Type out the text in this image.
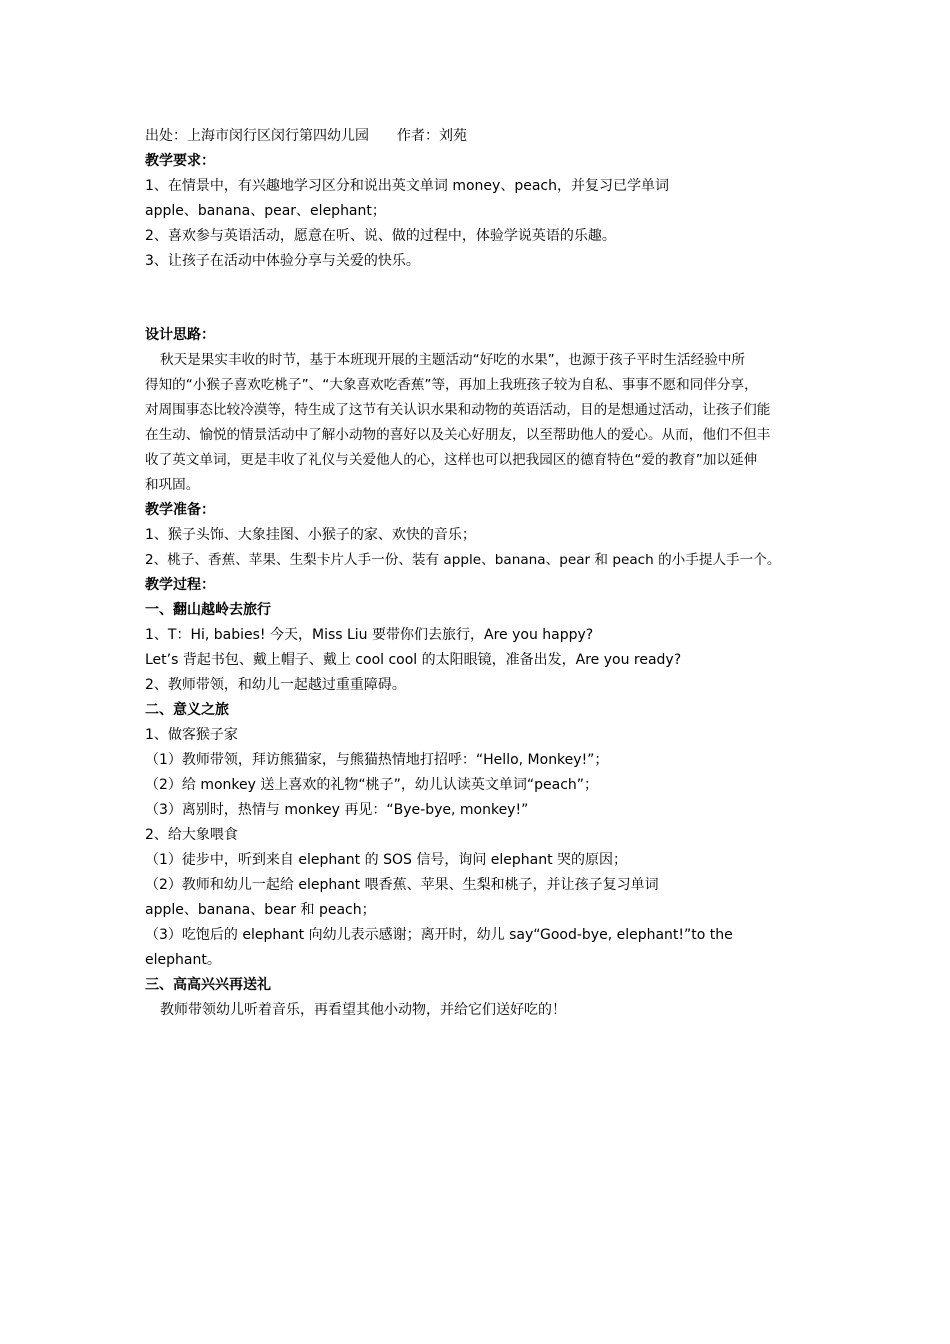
出处：上海市闵行区闵行第四幼儿园　　作者：刘苑
教学要求：
1、在情景中，有兴趣地学习区分和说出英文单词 money、peach，并复习已学单词
apple、banana、pear、elephant；
2、喜欢参与英语活动，愿意在听、说、做的过程中，体验学说英语的乐趣。
3、让孩子在活动中体验分享与关爱的快乐。
设计思路：
秋天是果实丰收的时节，基于本班现开展的主题活动“好吃的水果”，也源于孩子平时生活经验中所
得知的“小猴子喜欢吃桃子”、“大象喜欢吃香蕉”等，再加上我班孩子较为自私、事事不愿和同伴分享，
对周围事态比较冷漠等，特生成了这节有关认识水果和动物的英语活动，目的是想通过活动，让孩子们能
在生动、愉悦的情景活动中了解小动物的喜好以及关心好朋友，以至帮助他人的爱心。从而，他们不但丰
收了英文单词，更是丰收了礼仪与关爱他人的心，这样也可以把我园区的德育特色“爱的教育”加以延伸
和巩固。
教学准备：
1、猴子头饰、大象挂图、小猴子的家、欢快的音乐；
2、桃子、香蕉、苹果、生梨卡片人手一份、装有 apple、banana、pear 和 peach 的小手提人手一个。
教学过程：
一、翻山越岭去旅行
1、T：Hi, babies! 今天，Miss Liu 要带你们去旅行，Are you happy?
Let’s 背起书包、戴上帽子、戴上 cool cool 的太阳眼镜，准备出发，Are you ready?
2、教师带领，和幼儿一起越过重重障碍。
二、意义之旅
1、做客猴子家
（1）教师带领，拜访熊猫家，与熊猫热情地打招呼：“Hello, Monkey!”；
（2）给 monkey 送上喜欢的礼物“桃子”，幼儿认读英文单词“peach”；
（3）离别时，热情与 monkey 再见：“Bye-bye, monkey!”
2、给大象喂食
（1）徒步中，听到来自 elephant 的 SOS 信号，询问 elephant 哭的原因；
（2）教师和幼儿一起给 elephant 喂香蕉、苹果、生梨和桃子，并让孩子复习单词
apple、banana、bear 和 peach；
（3）吃饱后的 elephant 向幼儿表示感谢；离开时，幼儿 say“Good-bye, elephant!”to the
elephant。
三、高高兴兴再送礼
教师带领幼儿听着音乐，再看望其他小动物，并给它们送好吃的！
